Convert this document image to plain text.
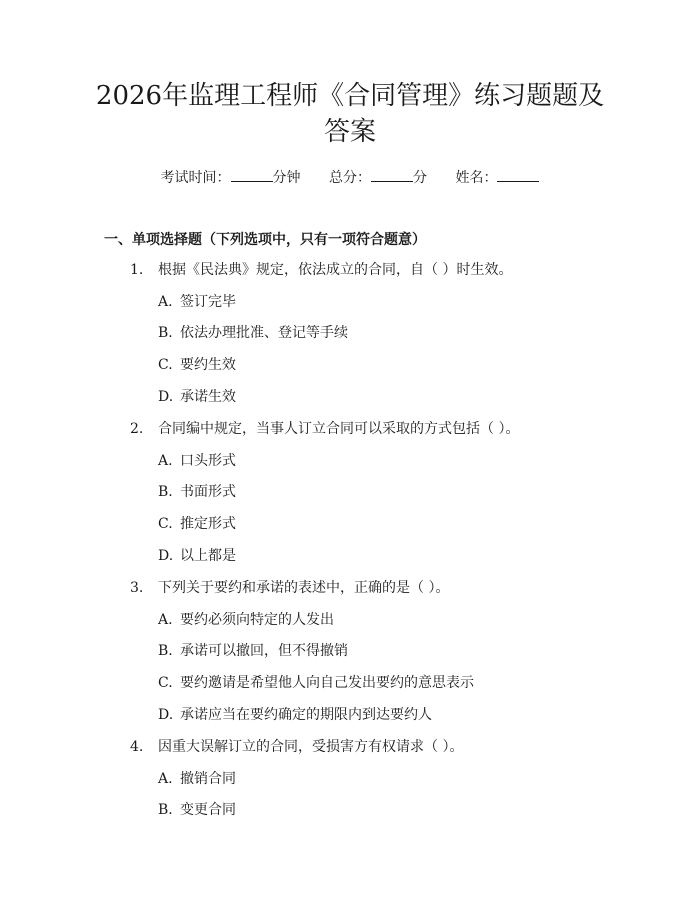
2026年监理工程师《合同管理》练习题题及
答案
考试时间：	分钟 总分：	分 姓名：
一、单项选择题（下列选项中，只有一项符合题意）
1.	根据《民法典》规定，依法成立的合同，自（ ）时生效。
A. 签订完毕
B. 依法办理批准、登记等手续
C. 要约生效
D. 承诺生效
2.	合同编中规定，当事人订立合同可以采取的方式包括（ ）。
A. 口头形式
B. 书面形式
C. 推定形式
D. 以上都是
3.	下列关于要约和承诺的表述中，正确的是（ ）。
A. 要约必须向特定的人发出
B. 承诺可以撤回，但不得撤销
C. 要约邀请是希望他人向自己发出要约的意思表示
D. 承诺应当在要约确定的期限内到达要约人
4.	因重大误解订立的合同，受损害方有权请求（ ）。
A. 撤销合同
B. 变更合同
